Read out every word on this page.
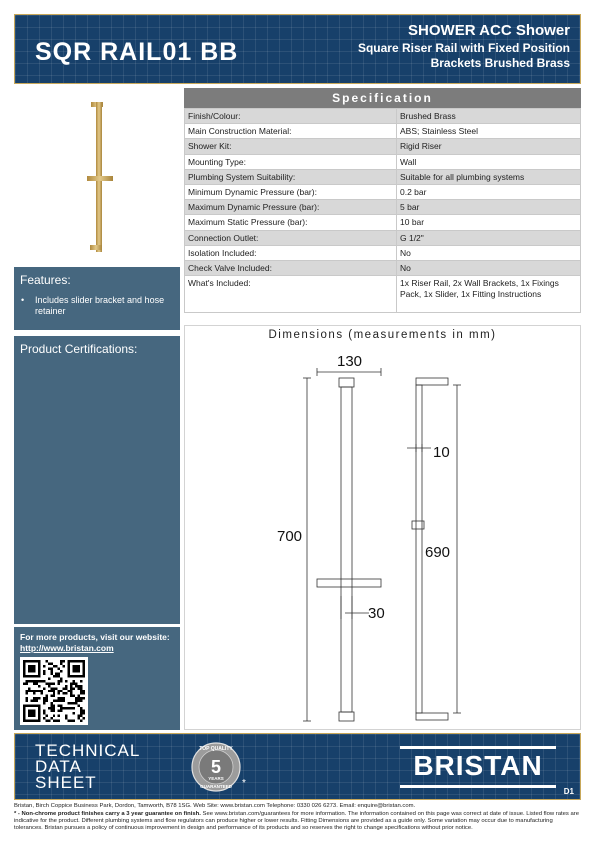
SQR RAIL01 BB
SHOWER ACC Shower
Square Riser Rail with Fixed Position
Brackets Brushed Brass
Features:
• Includes slider bracket and hose retainer
Product Certifications:
For more products, visit our website:
http://www.bristan.com
Specification
Finish/Colour:	Brushed Brass
Main Construction Material:	ABS; Stainless Steel
Shower Kit:	Rigid Riser
Mounting Type:	Wall
Plumbing System Suitability:	Suitable for all plumbing systems
Minimum Dynamic Pressure (bar):	0.2 bar
Maximum Dynamic Pressure (bar):	5 bar
Maximum Static Pressure (bar):	10 bar
Connection Outlet:	G 1/2"
Isolation Included:	No
Check Valve Included:	No
What's Included:	1x Riser Rail, 2x Wall Brackets, 1x Fixings Pack, 1x Slider, 1x Fitting Instructions
Dimensions (measurements in mm)
130
700
30
10
690
TECHNICAL
DATA
SHEET
TOP QUALITY
5
YEARS
GUARANTEED *
BRISTAN
D1
Bristan, Birch Coppice Business Park, Dordon, Tamworth, B78 1SG. Web Site: www.bristan.com Telephone: 0330 026 6273. Email: enquire@bristan.com.
* - Non-chrome product finishes carry a 3 year guarantee on finish. See www.bristan.com/guarantees for more information. The information contained on this page was correct at date of issue. Listed flow rates are indicative for the product. Different plumbing systems and flow regulators can produce higher or lower results. Fitting Dimensions are provided as a guide only. Some variation may occur due to manufacturing tolerances. Bristan pursues a policy of continuous improvement in design and performance of its products and so reserves the right to change specifications without prior notice.
